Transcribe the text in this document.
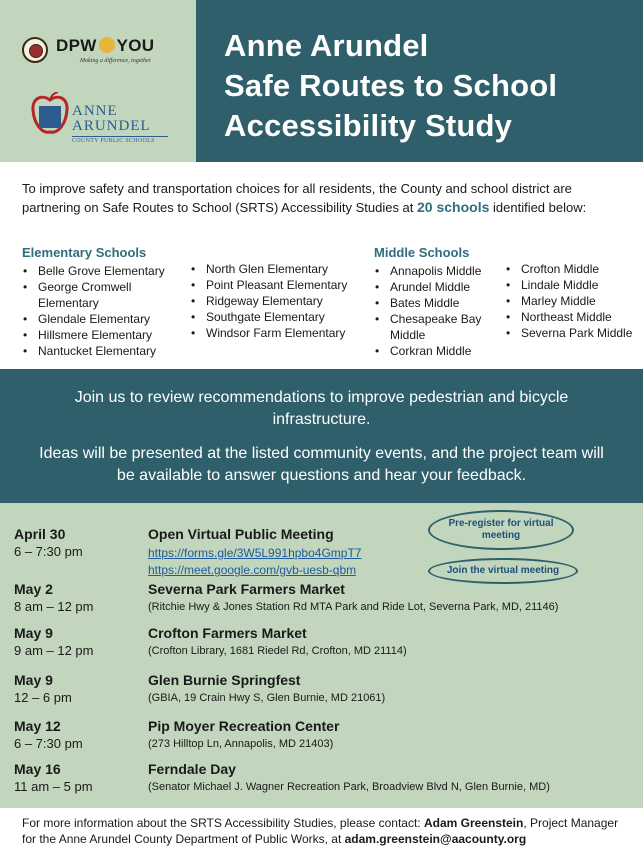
DPW YOU
Making a difference, together
ANNE
ARUNDEL
COUNTY PUBLIC SCHOOLS
Anne Arundel
Safe Routes to School
Accessibility Study
To improve safety and transportation choices for all residents, the County and school district are partnering on Safe Routes to School (SRTS) Accessibility Studies at 20 schools identified below:
Elementary Schools
• Belle Grove Elementary
• George Cromwell Elementary
• Glendale Elementary
• Hillsmere Elementary
• Nantucket Elementary
• North Glen Elementary
• Point Pleasant Elementary
• Ridgeway Elementary
• Southgate Elementary
• Windsor Farm Elementary
Middle Schools
• Annapolis Middle
• Arundel Middle
• Bates Middle
• Chesapeake Bay Middle
• Corkran Middle
• Crofton Middle
• Lindale Middle
• Marley Middle
• Northeast Middle
• Severna Park Middle

Join us to review recommendations to improve pedestrian and bicycle infrastructure.

Ideas will be presented at the listed community events, and the project team will be available to answer questions and hear your feedback.

April 30
6 – 7:30 pm
Open Virtual Public Meeting
https://forms.gle/3W5L991hpbo4GmpT7
https://meet.google.com/gvb-uesb-qbm
Pre-register for virtual meeting
Join the virtual meeting
May 2
8 am – 12 pm
Severna Park Farmers Market
(Ritchie Hwy & Jones Station Rd MTA Park and Ride Lot, Severna Park, MD, 21146)
May 9
9 am – 12 pm
Crofton Farmers Market
(Crofton Library, 1681 Riedel Rd, Crofton, MD 21114)
May 9
12 – 6 pm
Glen Burnie Springfest
(GBIA, 19 Crain Hwy S, Glen Burnie, MD 21061)
May 12
6 – 7:30 pm
Pip Moyer Recreation Center
(273 Hilltop Ln, Annapolis, MD 21403)
May 16
11 am – 5 pm
Ferndale Day
(Senator Michael J. Wagner Recreation Park, Broadview Blvd N, Glen Burnie, MD)
For more information about the SRTS Accessibility Studies, please contact: Adam Greenstein, Project Manager for the Anne Arundel County Department of Public Works, at adam.greenstein@aacounty.org
